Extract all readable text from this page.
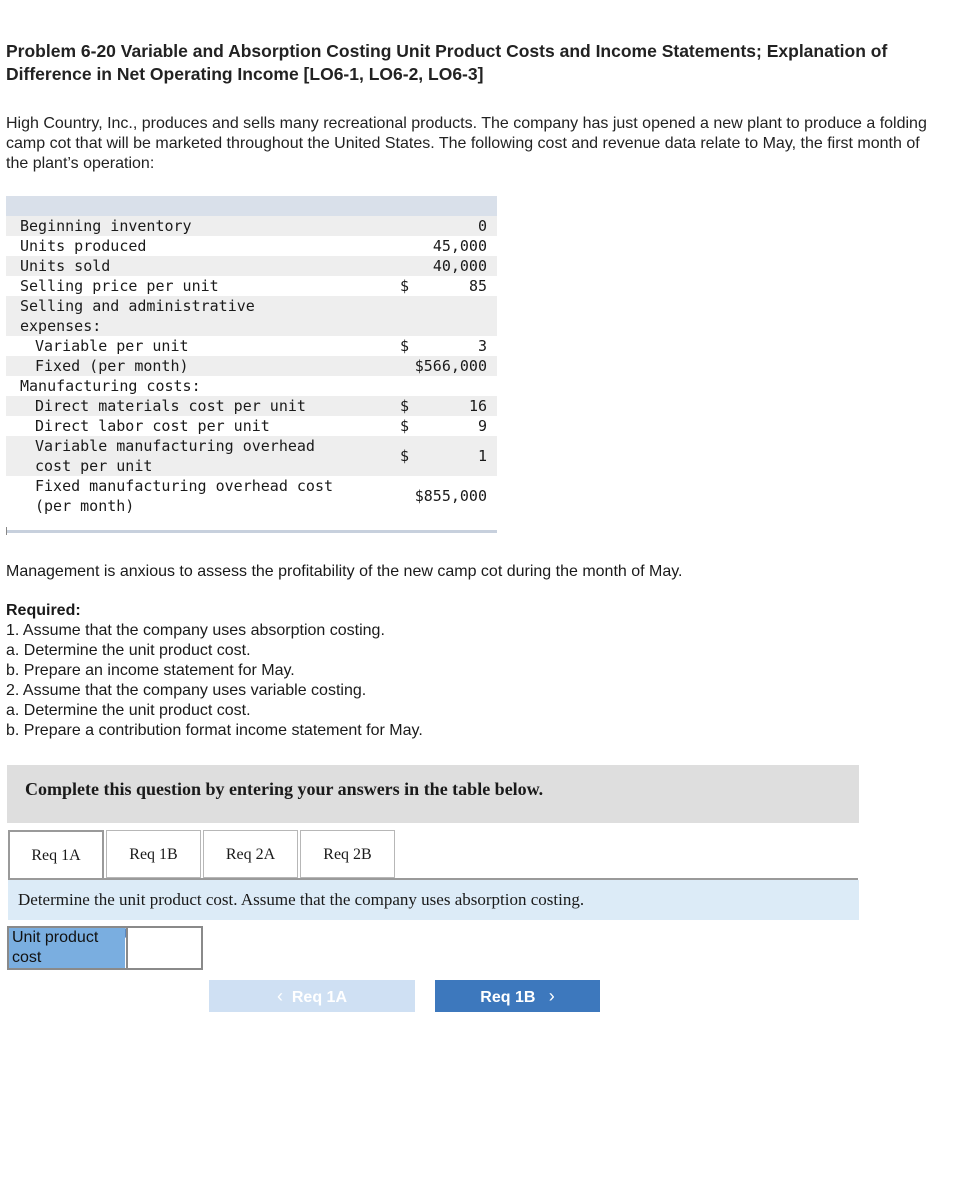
Problem 6-20 Variable and Absorption Costing Unit Product Costs and Income Statements; Explanation of Difference in Net Operating Income [LO6-1, LO6-2, LO6-3]
High Country, Inc., produces and sells many recreational products. The company has just opened a new plant to produce a folding camp cot that will be marketed throughout the United States. The following cost and revenue data relate to May, the first month of the plant’s operation:

Beginning inventory		0
Units produced		45,000
Units sold		40,000
Selling price per unit	$	85
Selling and administrative		
expenses:		
Variable per unit	$	3
Fixed (per month)	$566,000	
Manufacturing costs:		
Direct materials cost per unit	$	16
Direct labor cost per unit	$	9

Variable manufacturing overhead
cost per unit	$	1

Fixed manufacturing overhead cost
(per month)	$855,000	

Management is anxious to assess the profitability of the new camp cot during the month of May.
Required:
1. Assume that the company uses absorption costing.
a. Determine the unit product cost.
b. Prepare an income statement for May.
2. Assume that the company uses variable costing.
a. Determine the unit product cost.
b. Prepare a contribution format income statement for May.
Complete this question by entering your answers in the table below.
Req 1A	Req 1B	Req 2A	Req 2B
Determine the unit product cost. Assume that the company uses absorption costing.
Unit product cost
‹ Req 1A	Req 1B ›
